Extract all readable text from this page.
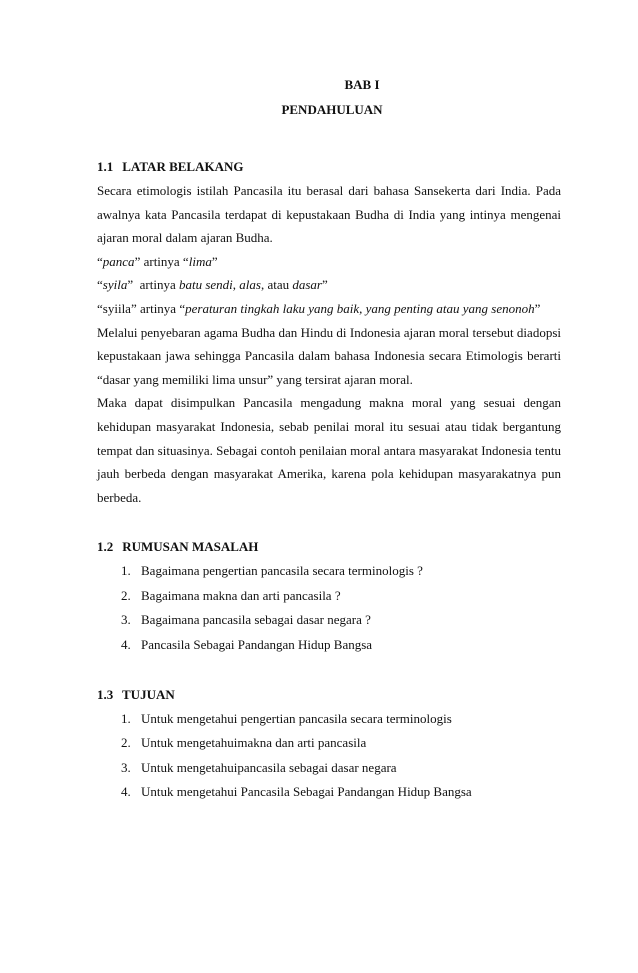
BAB I
PENDAHULUAN
1.1 LATAR BELAKANG
Secara etimologis istilah Pancasila itu berasal dari bahasa Sansekerta dari India. Pada awalnya kata Pancasila terdapat di kepustakaan Budha di India yang intinya mengenai ajaran moral dalam ajaran Budha.
“panca” artinya “lima”
“syila”  artinya batu sendi, alas, atau dasar”
“syiila” artinya “peraturan tingkah laku yang baik, yang penting atau yang senonoh”
Melalui penyebaran agama Budha dan Hindu di Indonesia ajaran moral tersebut diadopsi kepustakaan jawa sehingga Pancasila dalam bahasa Indonesia secara Etimologis berarti “dasar yang memiliki lima unsur” yang tersirat ajaran moral.
Maka dapat disimpulkan Pancasila mengadung makna moral yang sesuai dengan kehidupan masyarakat Indonesia, sebab penilai moral itu sesuai atau tidak bergantung tempat dan situasinya. Sebagai contoh penilaian moral antara masyarakat Indonesia tentu jauh berbeda dengan masyarakat Amerika, karena pola kehidupan masyarakatnya pun berbeda.
1.2 RUMUSAN MASALAH
1. Bagaimana pengertian pancasila secara terminologis ?
2. Bagaimana makna dan arti pancasila ?
3. Bagaimana pancasila sebagai dasar negara ?
4. Pancasila Sebagai Pandangan Hidup Bangsa
1.3 TUJUAN
1. Untuk mengetahui pengertian pancasila secara terminologis
2. Untuk mengetahuimakna dan arti pancasila
3. Untuk mengetahuipancasila sebagai dasar negara
4. Untuk mengetahui Pancasila Sebagai Pandangan Hidup Bangsa
